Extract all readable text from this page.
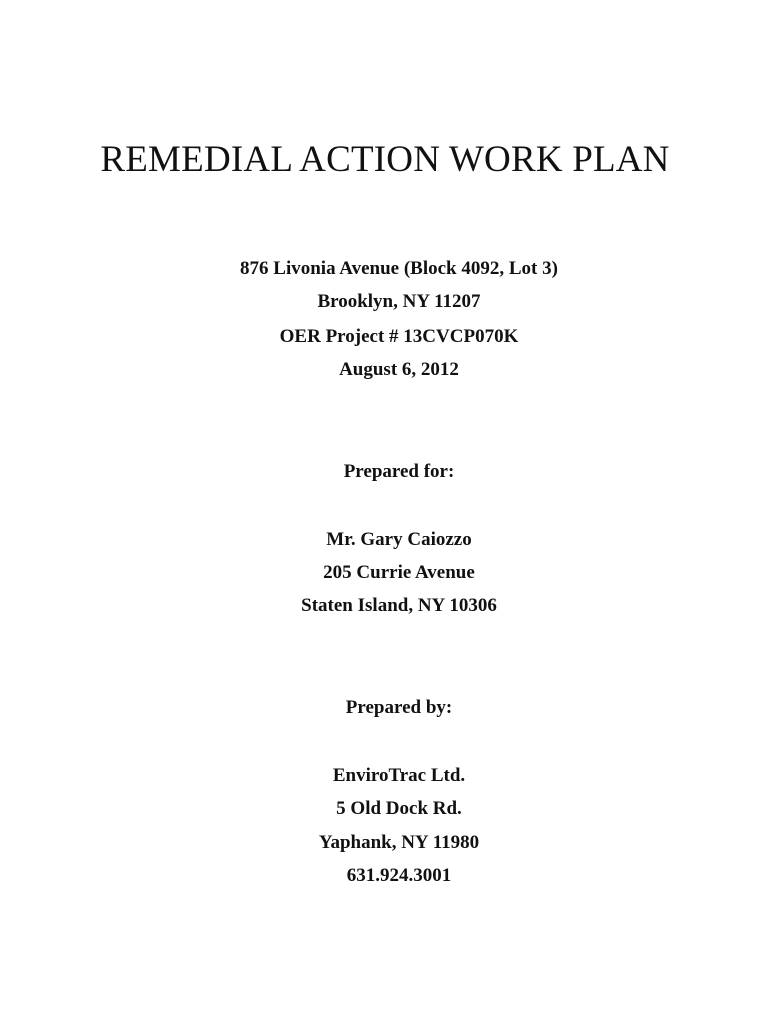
REMEDIAL ACTION WORK PLAN
876 Livonia Avenue (Block 4092, Lot 3)
Brooklyn, NY 11207
OER Project # 13CVCP070K
August 6, 2012
Prepared for:
Mr. Gary Caiozzo
205 Currie Avenue
Staten Island, NY 10306
Prepared by:
EnviroTrac Ltd.
5 Old Dock Rd.
Yaphank, NY 11980
631.924.3001
